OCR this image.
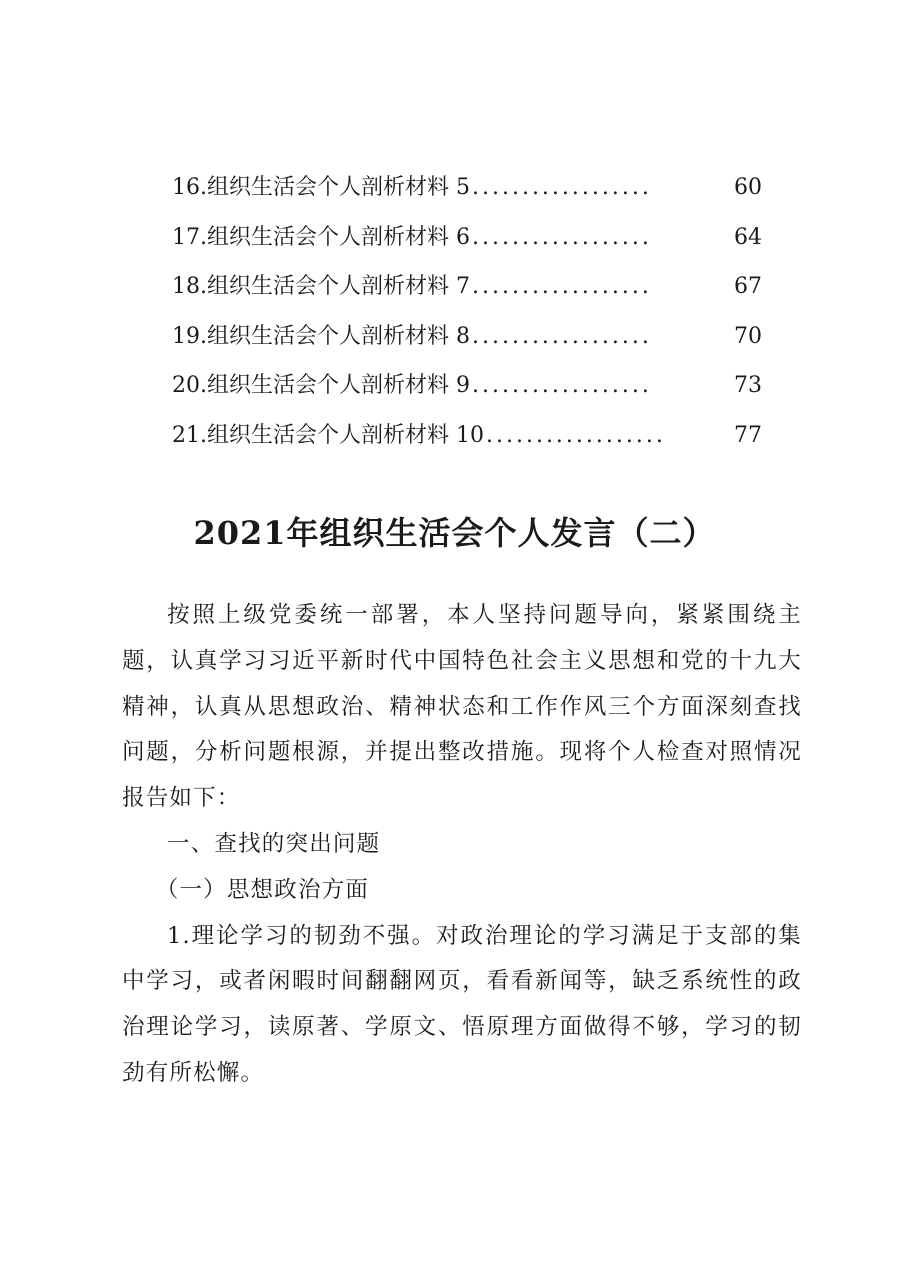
16.组织生活会个人剖析材料 5 ..................	60
17.组织生活会个人剖析材料 6 ..................	64
18.组织生活会个人剖析材料 7 ..................	67
19.组织生活会个人剖析材料 8 ..................	70
20.组织生活会个人剖析材料 9 ..................	73
21.组织生活会个人剖析材料 10 ..................	77
2021年组织生活会个人发言（二）

按照上级党委统一部署，本人坚持问题导向，紧紧围绕主题，认真学习习近平新时代中国特色社会主义思想和党的十九大精神，认真从思想政治、精神状态和工作作风三个方面深刻查找问题，分析问题根源，并提出整改措施。现将个人检查对照情况报告如下：

一、查找的突出问题

（一）思想政治方面

1.理论学习的韧劲不强。对政治理论的学习满足于支部的集中学习，或者闲暇时间翻翻网页，看看新闻等，缺乏系统性的政治理论学习，读原著、学原文、悟原理方面做得不够，学习的韧劲有所松懈。
